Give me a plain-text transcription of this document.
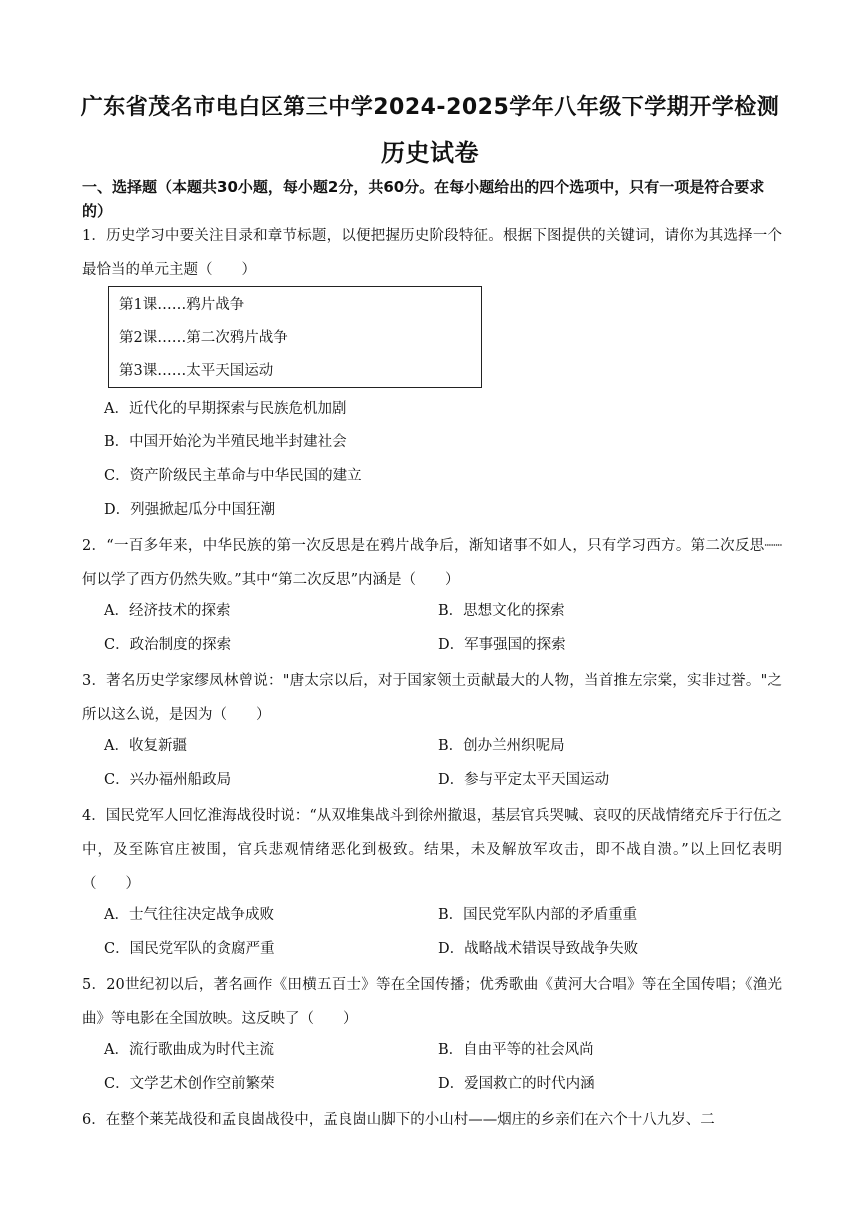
广东省茂名市电白区第三中学2024-2025学年八年级下学期开学检测
历史试卷
一、选择题（本题共30小题，每小题2分，共60分。在每小题给出的四个选项中，只有一项是符合要求的）
1．历史学习中要关注目录和章节标题，以便把握历史阶段特征。根据下图提供的关键词，请你为其选择一个最恰当的单元主题（　　）
第1课……鸦片战争
第2课……第二次鸦片战争
第3课……太平天国运动
A．近代化的早期探索与民族危机加剧
B．中国开始沦为半殖民地半封建社会
C．资产阶级民主革命与中华民国的建立
D．列强掀起瓜分中国狂潮
2．“一百多年来，中华民族的第一次反思是在鸦片战争后，渐知诸事不如人，只有学习西方。第二次反思┈┈何以学了西方仍然失败。”其中“第二次反思”内涵是（　　）
A．经济技术的探索	B．思想文化的探索
C．政治制度的探索	D．军事强国的探索
3．著名历史学家缪凤林曾说："唐太宗以后，对于国家领土贡献最大的人物，当首推左宗棠，实非过誉。"之所以这么说，是因为（　　）
A．收复新疆	B．创办兰州织呢局
C．兴办福州船政局	D．参与平定太平天国运动
4．国民党军人回忆淮海战役时说：“从双堆集战斗到徐州撤退，基层官兵哭喊、哀叹的厌战情绪充斥于行伍之中，及至陈官庄被围，官兵悲观情绪恶化到极致。结果，未及解放军攻击，即不战自溃。”以上回忆表明（　　）
A．士气往往决定战争成败	B．国民党军队内部的矛盾重重
C．国民党军队的贪腐严重	D．战略战术错误导致战争失败
5．20世纪初以后，著名画作《田横五百士》等在全国传播；优秀歌曲《黄河大合唱》等在全国传唱；《渔光曲》等电影在全国放映。这反映了（　　）
A．流行歌曲成为时代主流	B．自由平等的社会风尚
C．文学艺术创作空前繁荣	D．爱国救亡的时代内涵
6．在整个莱芜战役和孟良崮战役中，孟良崮山脚下的小山村——烟庄的乡亲们在六个十八九岁、二
